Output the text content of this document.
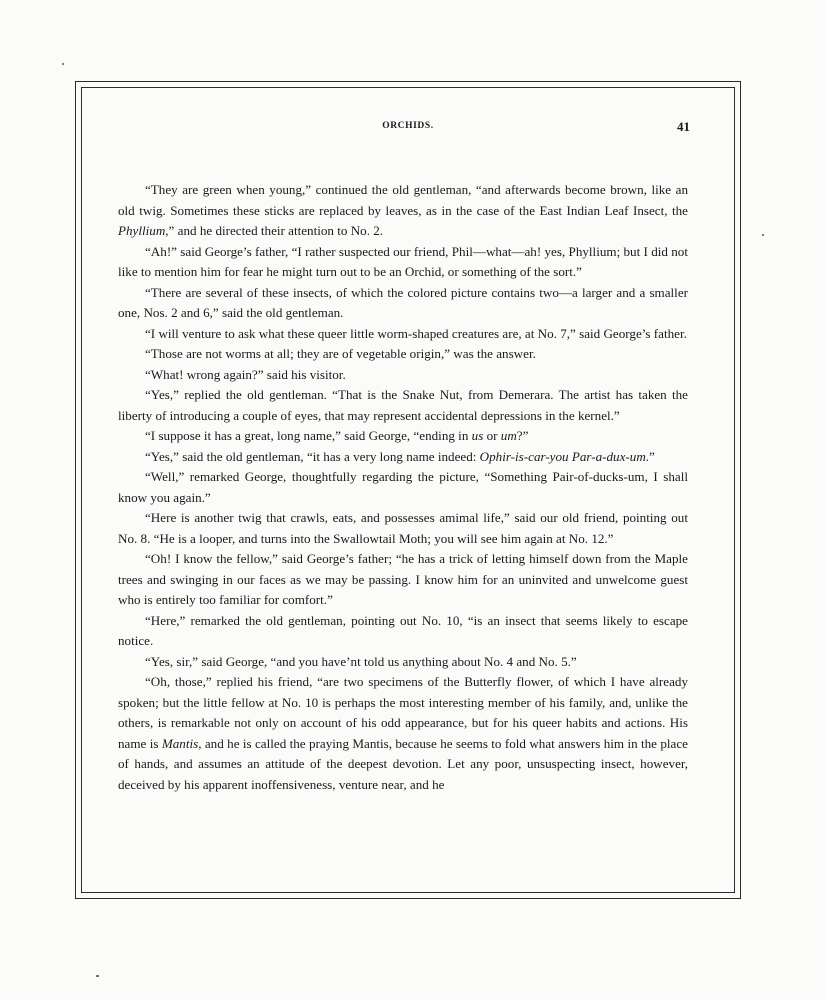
ORCHIDS.	41

“They are green when young,” continued the old gentleman, “and afterwards become brown, like an old twig. Sometimes these sticks are replaced by leaves, as in the case of the East Indian Leaf Insect, the Phyllium,” and he directed their attention to No. 2.

“Ah!” said George’s father, “I rather suspected our friend, Phil—what—ah! yes, Phyllium; but I did not like to mention him for fear he might turn out to be an Orchid, or something of the sort.”

“There are several of these insects, of which the colored picture contains two—a larger and a smaller one, Nos. 2 and 6,” said the old gentleman.

“I will venture to ask what these queer little worm-shaped creatures are, at No. 7,” said George’s father.

“Those are not worms at all; they are of vegetable origin,” was the answer.

“What! wrong again?” said his visitor.

“Yes,” replied the old gentleman. “That is the Snake Nut, from Demerara. The artist has taken the liberty of introducing a couple of eyes, that may represent accidental depressions in the kernel.”

“I suppose it has a great, long name,” said George, “ending in us or um?”

“Yes,” said the old gentleman, “it has a very long name indeed: Ophir-is-car-you Par-a-dux-um.”

“Well,” remarked George, thoughtfully regarding the picture, “Something Pair-of-ducks-um, I shall know you again.”

“Here is another twig that crawls, eats, and possesses amimal life,” said our old friend, pointing out No. 8. “He is a looper, and turns into the Swallowtail Moth; you will see him again at No. 12.”

“Oh! I know the fellow,” said George’s father; “he has a trick of letting himself down from the Maple trees and swinging in our faces as we may be passing. I know him for an uninvited and unwelcome guest who is entirely too familiar for comfort.”

“Here,” remarked the old gentleman, pointing out No. 10, “is an insect that seems likely to escape notice.

“Yes, sir,” said George, “and you have’nt told us anything about No. 4 and No. 5.”

“Oh, those,” replied his friend, “are two specimens of the Butterfly flower, of which I have already spoken; but the little fellow at No. 10 is perhaps the most interesting member of his family, and, unlike the others, is remarkable not only on account of his odd appearance, but for his queer habits and actions. His name is Mantis, and he is called the praying Mantis, because he seems to fold what answers him in the place of hands, and assumes an attitude of the deepest devotion. Let any poor, unsuspecting insect, however, deceived by his apparent inoffensiveness, venture near, and he
